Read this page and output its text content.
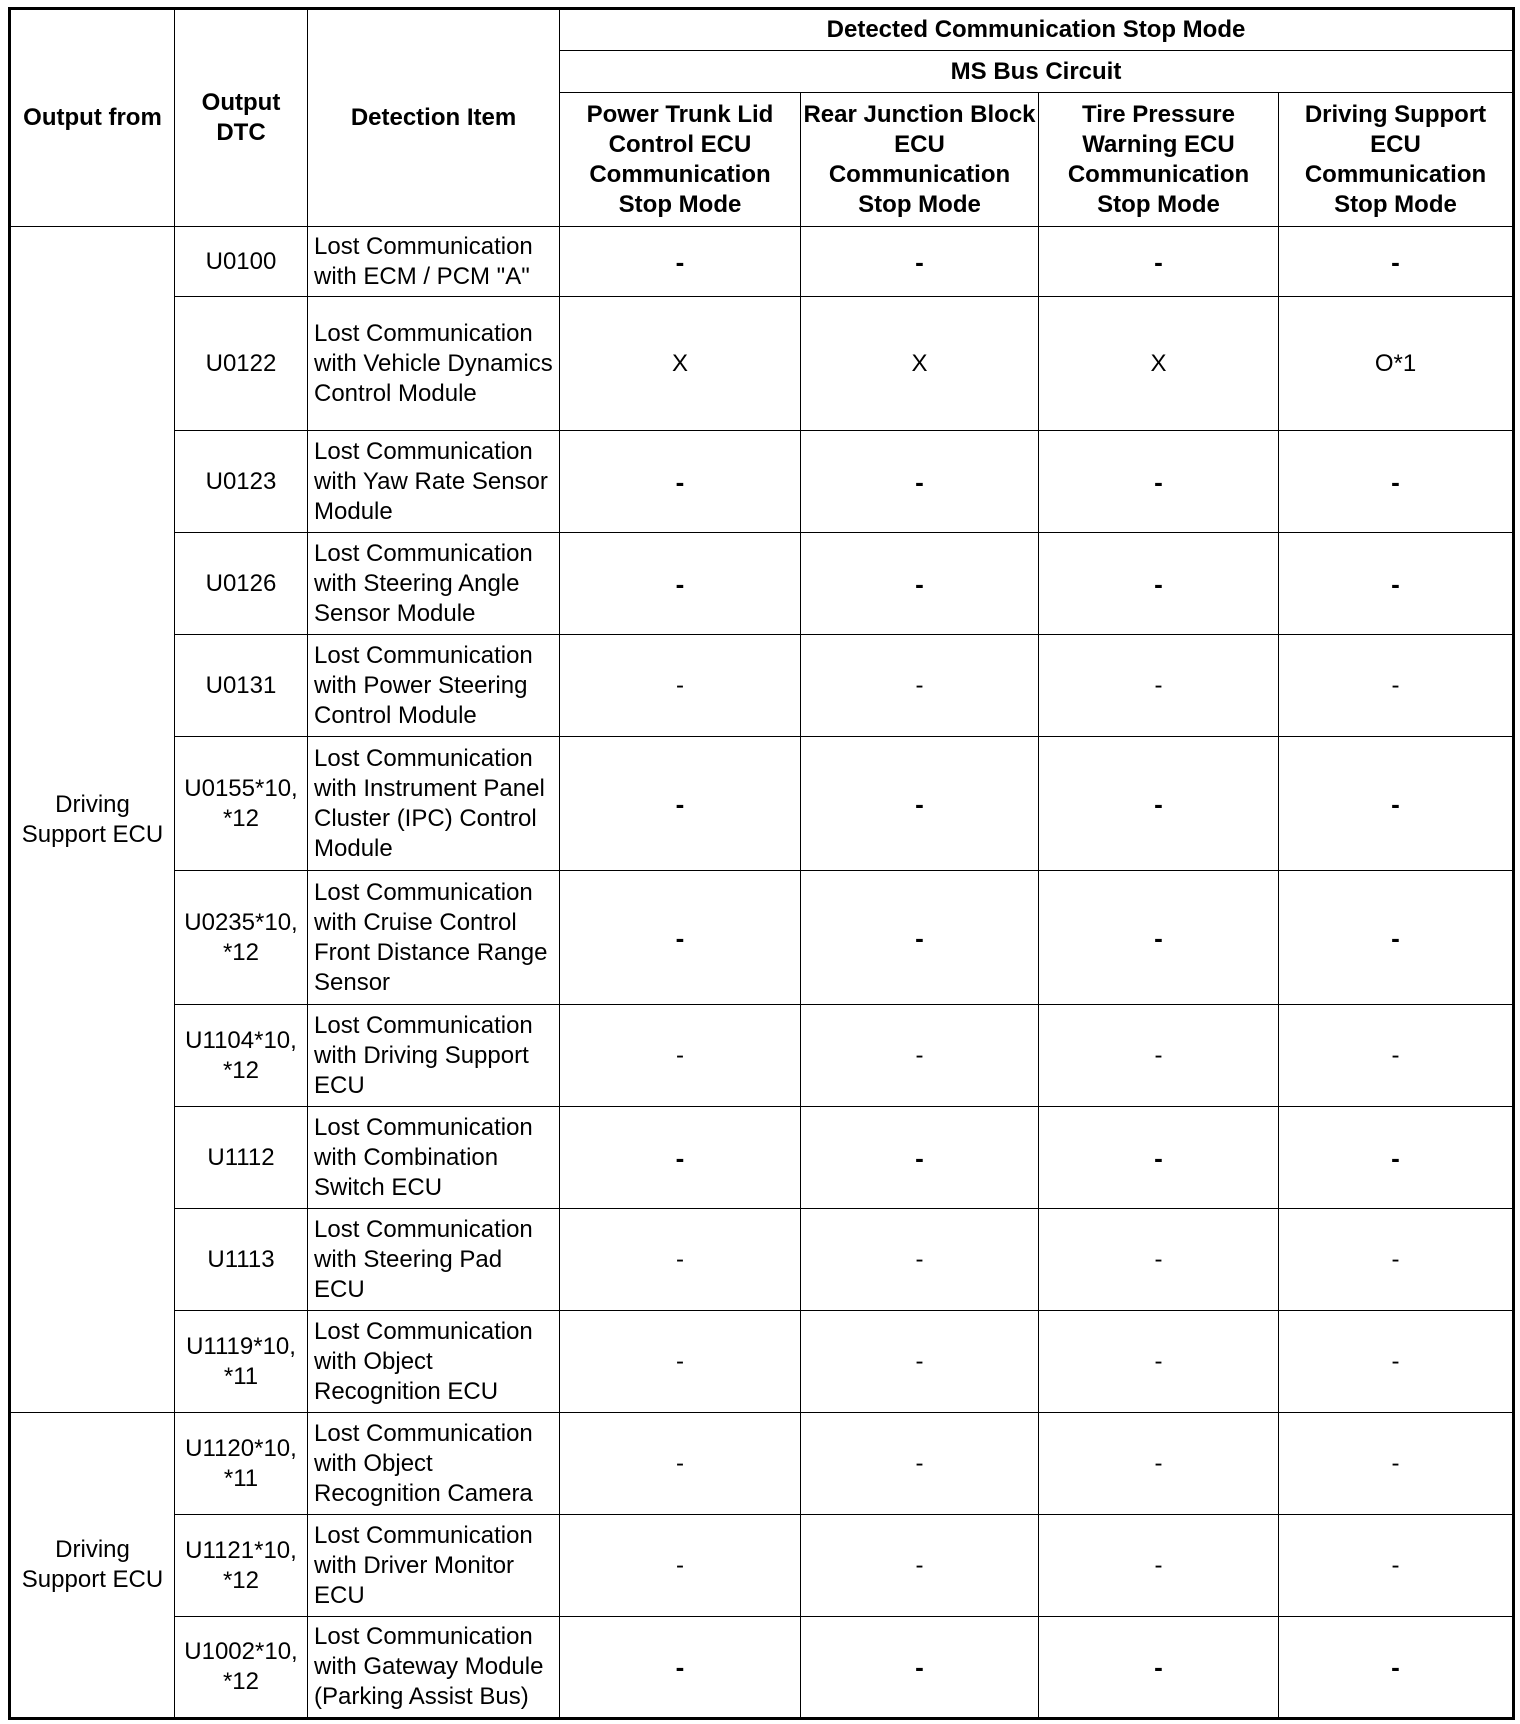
Output from	Output DTC	Detection Item	Detected Communication Stop Mode			
			MS Bus Circuit			
			Power Trunk Lid Control ECU Communication Stop Mode	Rear Junction Block ECU Communication Stop Mode	Tire Pressure Warning ECU Communication Stop Mode	Driving Support ECU Communication Stop Mode
Driving Support ECU	U0100	Lost Communication with ECM / PCM "A"	-	-	-	-
	U0122	Lost Communication with Vehicle Dynamics Control Module	X	X	X	O*1
	U0123	Lost Communication with Yaw Rate Sensor Module	-	-	-	-
	U0126	Lost Communication with Steering Angle Sensor Module	-	-	-	-
	U0131	Lost Communication with Power Steering Control Module	-	-	-	-
	U0155*10, *12	Lost Communication with Instrument Panel Cluster (IPC) Control Module	-	-	-	-
	U0235*10, *12	Lost Communication with Cruise Control Front Distance Range Sensor	-	-	-	-
	U1104*10, *12	Lost Communication with Driving Support ECU	-	-	-	-
	U1112	Lost Communication with Combination Switch ECU	-	-	-	-
	U1113	Lost Communication with Steering Pad ECU	-	-	-	-
	U1119*10, *11	Lost Communication with Object Recognition ECU	-	-	-	-
Driving Support ECU	U1120*10, *11	Lost Communication with Object Recognition Camera	-	-	-	-
	U1121*10, *12	Lost Communication with Driver Monitor ECU	-	-	-	-
	U1002*10, *12	Lost Communication with Gateway Module (Parking Assist Bus)	-	-	-	-
